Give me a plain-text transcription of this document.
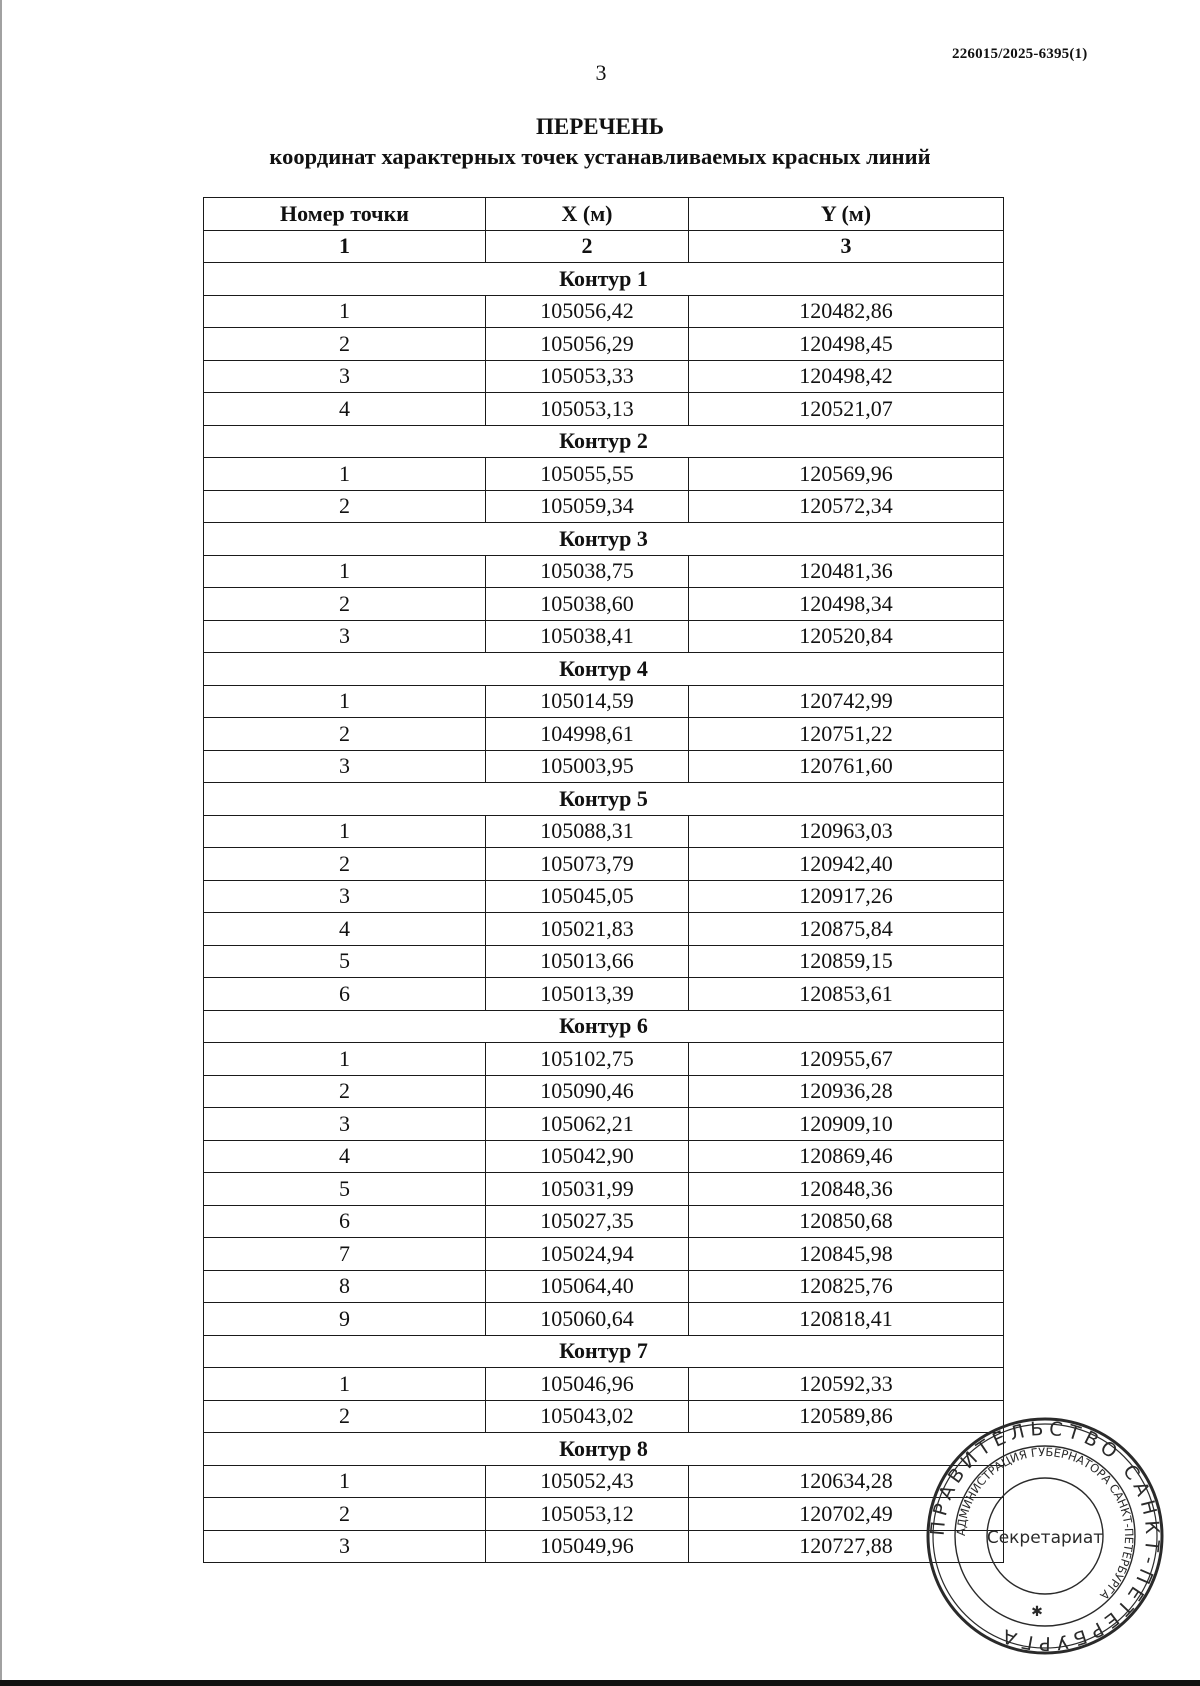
3
226015/2025-6395(1)
ПЕРЕЧЕНЬ
координат характерных точек устанавливаемых красных линий
Номер точки	X (м)	Y (м)
1	2	3
Контур 1		
1	105056,42	120482,86
2	105056,29	120498,45
3	105053,33	120498,42
4	105053,13	120521,07
Контур 2		
1	105055,55	120569,96
2	105059,34	120572,34
Контур 3		
1	105038,75	120481,36
2	105038,60	120498,34
3	105038,41	120520,84
Контур 4		
1	105014,59	120742,99
2	104998,61	120751,22
3	105003,95	120761,60
Контур 5		
1	105088,31	120963,03
2	105073,79	120942,40
3	105045,05	120917,26
4	105021,83	120875,84
5	105013,66	120859,15
6	105013,39	120853,61
Контур 6		
1	105102,75	120955,67
2	105090,46	120936,28
3	105062,21	120909,10
4	105042,90	120869,46
5	105031,99	120848,36
6	105027,35	120850,68
7	105024,94	120845,98
8	105064,40	120825,76
9	105060,64	120818,41
Контур 7		
1	105046,96	120592,33
2	105043,02	120589,86
Контур 8		
1	105052,43	120634,28
2	105053,12	120702,49
3	105049,96	120727,88
ПРАВИТЕЛЬСТВО САНКТ-ПЕТЕРБУРГА
АДМИНИСТРАЦИЯ ГУБЕРНАТОРА САНКТ-ПЕТЕРБУРГА
Секретариат
✱
